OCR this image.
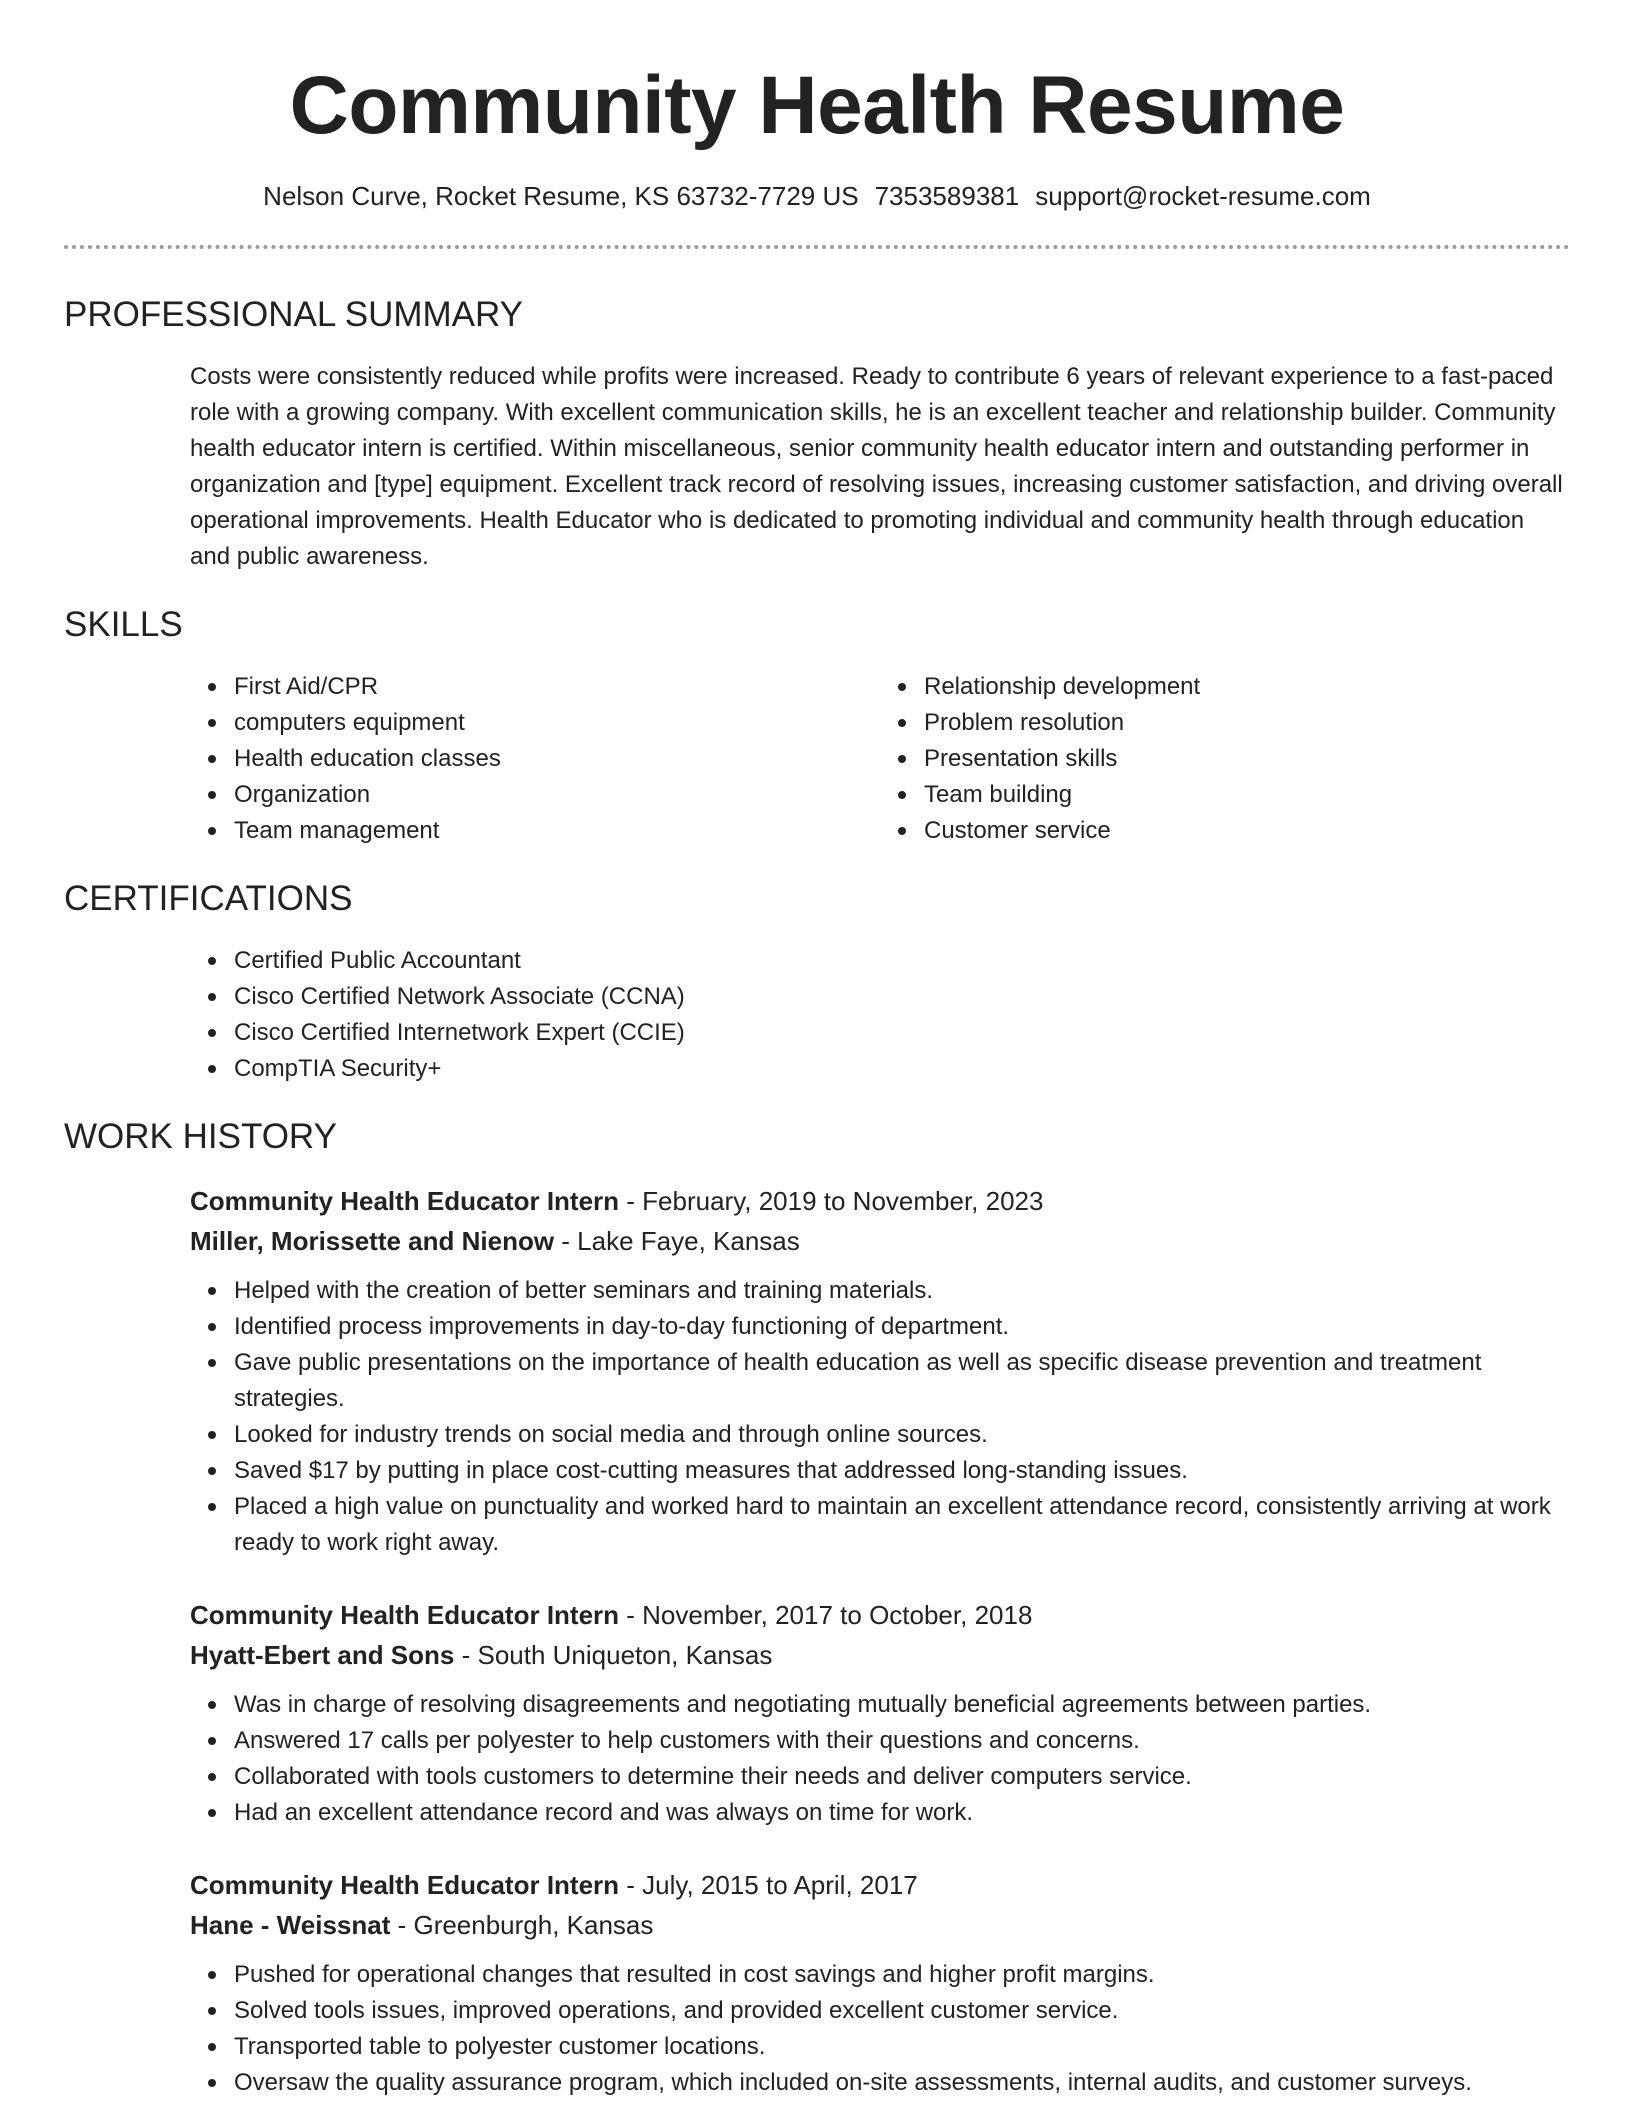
Community Health Resume
Nelson Curve, Rocket Resume, KS 63732-7729 US 7353589381 support@rocket-resume.com
PROFESSIONAL SUMMARY
Costs were consistently reduced while profits were increased. Ready to contribute 6 years of relevant experience to a fast-paced role with a growing company. With excellent communication skills, he is an excellent teacher and relationship builder. Community health educator intern is certified. Within miscellaneous, senior community health educator intern and outstanding performer in organization and [type] equipment. Excellent track record of resolving issues, increasing customer satisfaction, and driving overall operational improvements. Health Educator who is dedicated to promoting individual and community health through education and public awareness.
SKILLS
First Aid/CPR
computers equipment
Health education classes
Organization
Team management
Relationship development
Problem resolution
Presentation skills
Team building
Customer service
CERTIFICATIONS
Certified Public Accountant
Cisco Certified Network Associate (CCNA)
Cisco Certified Internetwork Expert (CCIE)
CompTIA Security+
WORK HISTORY
Community Health Educator Intern - February, 2019 to November, 2023
Miller, Morissette and Nienow - Lake Faye, Kansas
Helped with the creation of better seminars and training materials.
Identified process improvements in day-to-day functioning of department.
Gave public presentations on the importance of health education as well as specific disease prevention and treatment strategies.
Looked for industry trends on social media and through online sources.
Saved $17 by putting in place cost-cutting measures that addressed long-standing issues.
Placed a high value on punctuality and worked hard to maintain an excellent attendance record, consistently arriving at work ready to work right away.
Community Health Educator Intern - November, 2017 to October, 2018
Hyatt-Ebert and Sons - South Uniqueton, Kansas
Was in charge of resolving disagreements and negotiating mutually beneficial agreements between parties.
Answered 17 calls per polyester to help customers with their questions and concerns.
Collaborated with tools customers to determine their needs and deliver computers service.
Had an excellent attendance record and was always on time for work.
Community Health Educator Intern - July, 2015 to April, 2017
Hane - Weissnat - Greenburgh, Kansas
Pushed for operational changes that resulted in cost savings and higher profit margins.
Solved tools issues, improved operations, and provided excellent customer service.
Transported table to polyester customer locations.
Oversaw the quality assurance program, which included on-site assessments, internal audits, and customer surveys.
